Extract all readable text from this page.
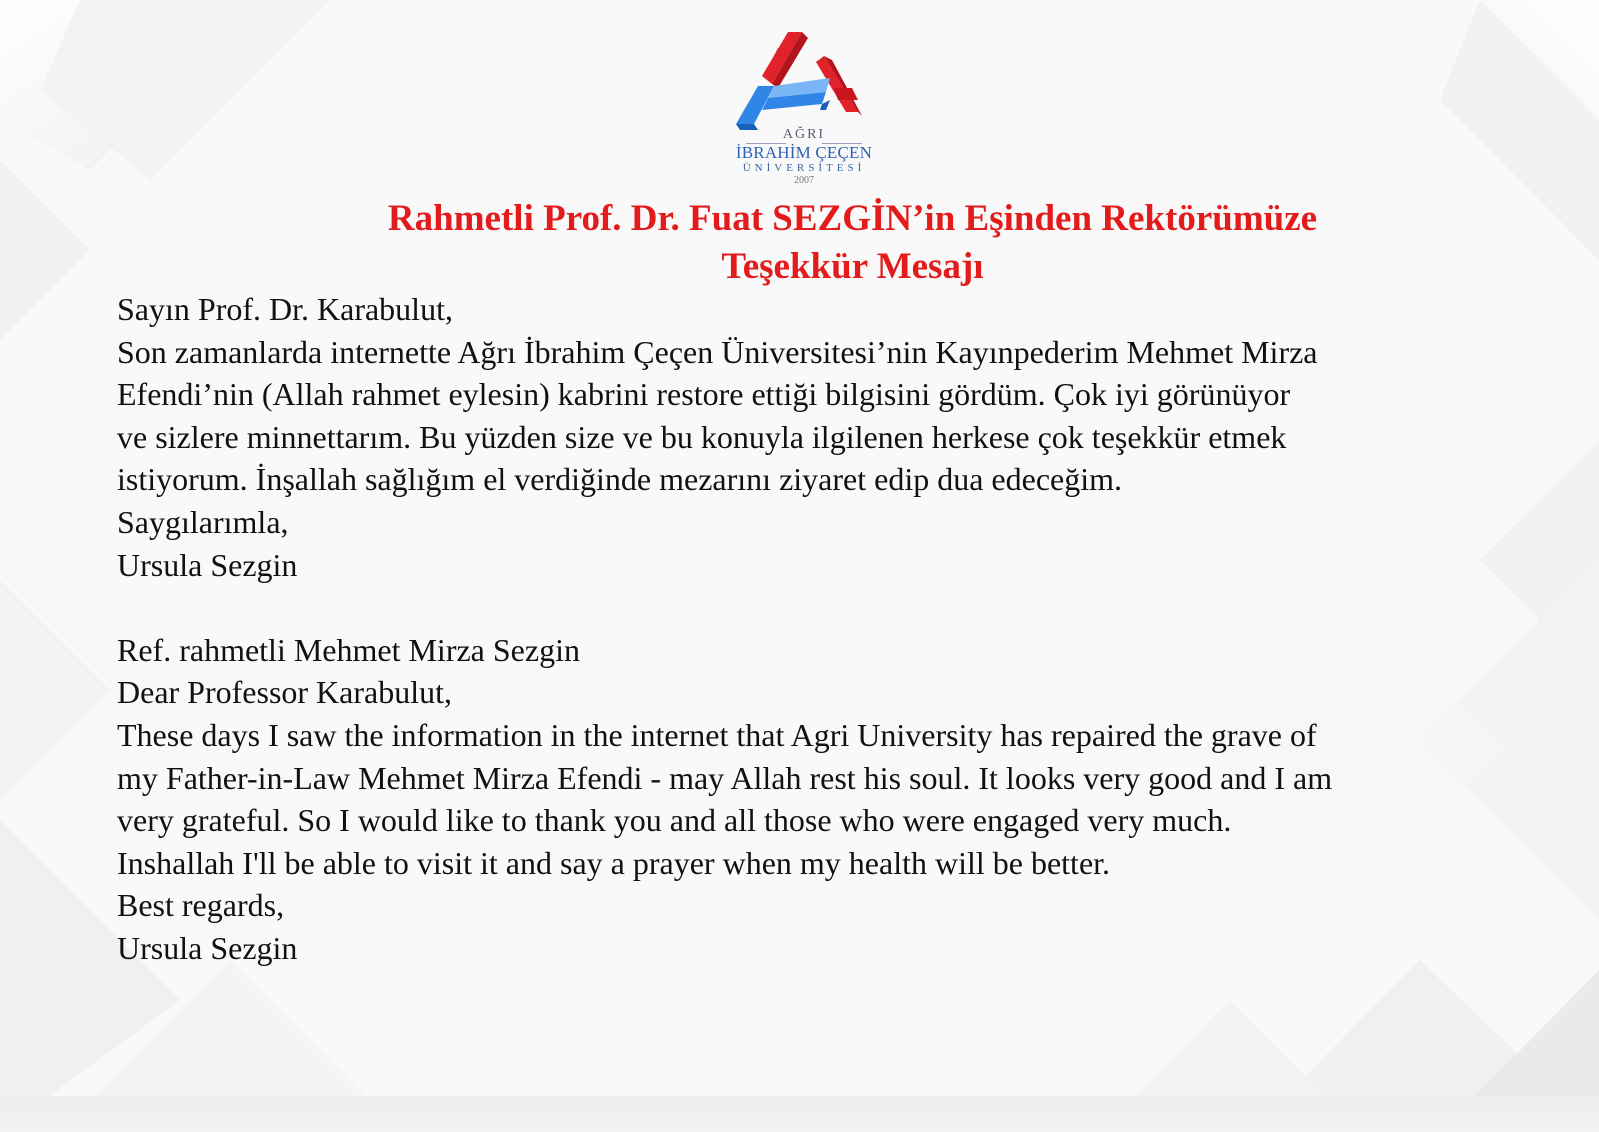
AĞRI
İBRAHİM ÇEÇEN
ÜNİVERSİTESİ
2007
Rahmetli Prof. Dr. Fuat SEZGİN’in Eşinden Rektörümüze
Teşekkür Mesajı
Sayın Prof. Dr. Karabulut,
Son zamanlarda internette Ağrı İbrahim Çeçen Üniversitesi’nin Kayınpederim Mehmet Mirza
Efendi’nin (Allah rahmet eylesin) kabrini restore ettiği bilgisini gördüm. Çok iyi görünüyor
ve sizlere minnettarım. Bu yüzden size ve bu konuyla ilgilenen herkese çok teşekkür etmek
istiyorum. İnşallah sağlığım el verdiğinde mezarını ziyaret edip dua edeceğim.
Saygılarımla,
Ursula Sezgin
Ref. rahmetli Mehmet Mirza Sezgin
Dear Professor Karabulut,
These days I saw the information in the internet that Agri University has repaired the grave of
my Father-in-Law Mehmet Mirza Efendi - may Allah rest his soul. It looks very good and I am
very grateful. So I would like to thank you and all those who were engaged very much.
Inshallah I'll be able to visit it and say a prayer when my health will be better.
Best regards,
Ursula Sezgin
